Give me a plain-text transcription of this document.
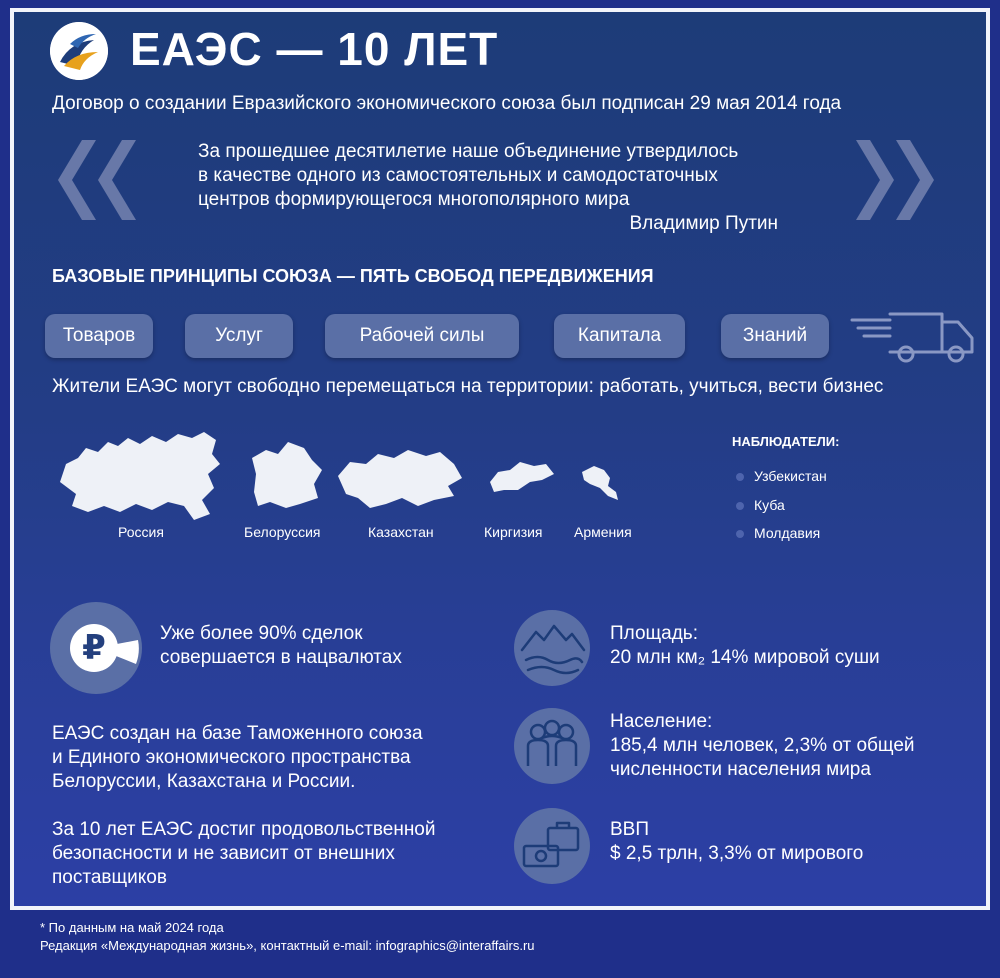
ЕАЭС — 10 ЛЕТ
Договор о создании Евразийского экономического союза был подписан 29 мая 2014 года
За прошедшее десятилетие наше объединение утвердилось
в качестве одного из самостоятельных и самодостаточных
центров формирующегося многополярного мира
Владимир Путин
БАЗОВЫЕ ПРИНЦИПЫ СОЮЗА — ПЯТЬ СВОБОД ПЕРЕДВИЖЕНИЯ
Товаров	Услуг	Рабочей силы	Капитала	Знаний
Жители ЕАЭС могут свободно перемещаться на территории: работать, учиться, вести бизнес
Россия	Белоруссия	Казахстан	Киргизия Армения
НАБЛЮДАТЕЛИ:
Узбекистан
Куба
Молдавия
₽	Уже более 90% сделок
совершается в нацвалютах
ЕАЭС создан на базе Таможенного союза
и Единого экономического пространства
Белоруссии, Казахстана и России.
За 10 лет ЕАЭС достиг продовольственной
безопасности и не зависит от внешних
поставщиков
Площадь:
20 млн км₂ 14% мировой суши
Население:
185,4 млн человек, 2,3% от общей
численности населения мира
ВВП
$ 2,5 трлн, 3,3% от мирового
* По данным на май 2024 года
Редакция «Международная жизнь», контактный e-mail: infographics@interaffairs.ru
